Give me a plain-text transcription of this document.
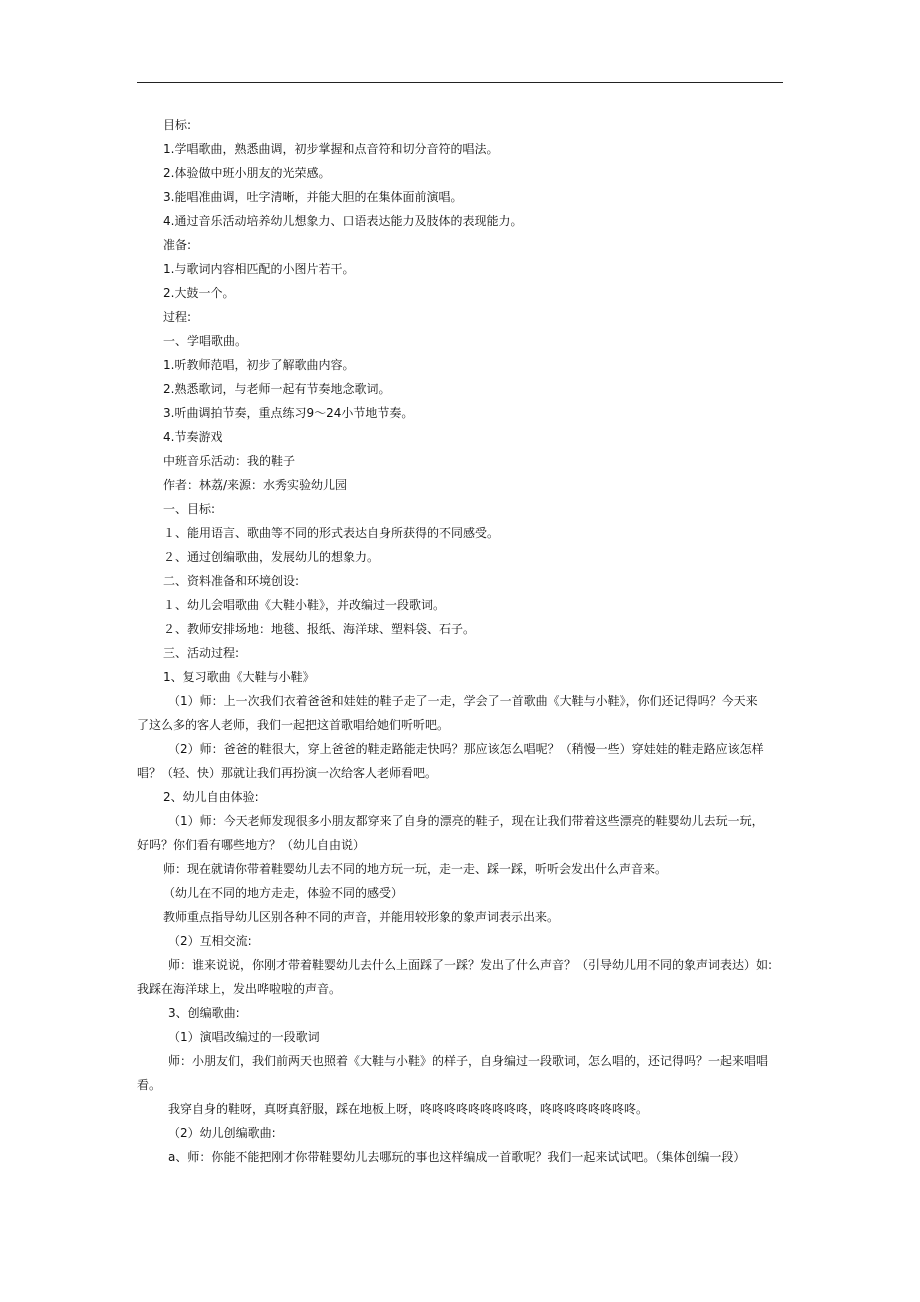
目标:

1.学唱歌曲，熟悉曲调，初步掌握和点音符和切分音符的唱法。

2.体验做中班小朋友的光荣感。

3.能唱准曲调，吐字清晰，并能大胆的在集体面前演唱。

4.通过音乐活动培养幼儿想象力、口语表达能力及肢体的表现能力。

准备:

1.与歌词内容相匹配的小图片若干。

2.大鼓一个。

过程:

一、学唱歌曲。

1.听教师范唱，初步了解歌曲内容。

2.熟悉歌词，与老师一起有节奏地念歌词。

3.听曲调拍节奏，重点练习9～24小节地节奏。

4.节奏游戏

中班音乐活动：我的鞋子

作者：林荔/来源：水秀实验幼儿园

一、目标:

１、能用语言、歌曲等不同的形式表达自身所获得的不同感受。

２、通过创编歌曲，发展幼儿的想象力。

二、资料准备和环境创设:

１、幼儿会唱歌曲《大鞋小鞋》，并改编过一段歌词。

２、教师安排场地：地毯、报纸、海洋球、塑料袋、石子。

三、活动过程:

1、复习歌曲《大鞋与小鞋》

（1）师：上一次我们衣着爸爸和娃娃的鞋子走了一走，学会了一首歌曲《大鞋与小鞋》，你们还记得吗？今天来

了这么多的客人老师，我们一起把这首歌唱给她们听听吧。

（2）师：爸爸的鞋很大，穿上爸爸的鞋走路能走快吗？那应该怎么唱呢？（稍慢一些）穿娃娃的鞋走路应该怎样

唱？（轻、快）那就让我们再扮演一次给客人老师看吧。

2、幼儿自由体验:

（1）师：今天老师发现很多小朋友都穿来了自身的漂亮的鞋子，现在让我们带着这些漂亮的鞋婴幼儿去玩一玩，

好吗？你们看有哪些地方？（幼儿自由说）

师：现在就请你带着鞋婴幼儿去不同的地方玩一玩，走一走、踩一踩，听听会发出什么声音来。

（幼儿在不同的地方走走，体验不同的感受）

教师重点指导幼儿区别各种不同的声音，并能用较形象的象声词表示出来。

（2）互相交流:

师：谁来说说，你刚才带着鞋婴幼儿去什么上面踩了一踩？发出了什么声音？（引导幼儿用不同的象声词表达）如:

我踩在海洋球上，发出哗啦啦的声音。

3、创编歌曲:

（1）演唱改编过的一段歌词

师：小朋友们，我们前两天也照着《大鞋与小鞋》的样子，自身编过一段歌词，怎么唱的，还记得吗？一起来唱唱

看。

我穿自身的鞋呀，真呀真舒服，踩在地板上呀，咚咚咚咚咚咚咚咚咚，咚咚咚咚咚咚咚咚。

（2）幼儿创编歌曲:

a、师：你能不能把刚才你带鞋婴幼儿去哪玩的事也这样编成一首歌呢？我们一起来试试吧。（集体创编一段）
